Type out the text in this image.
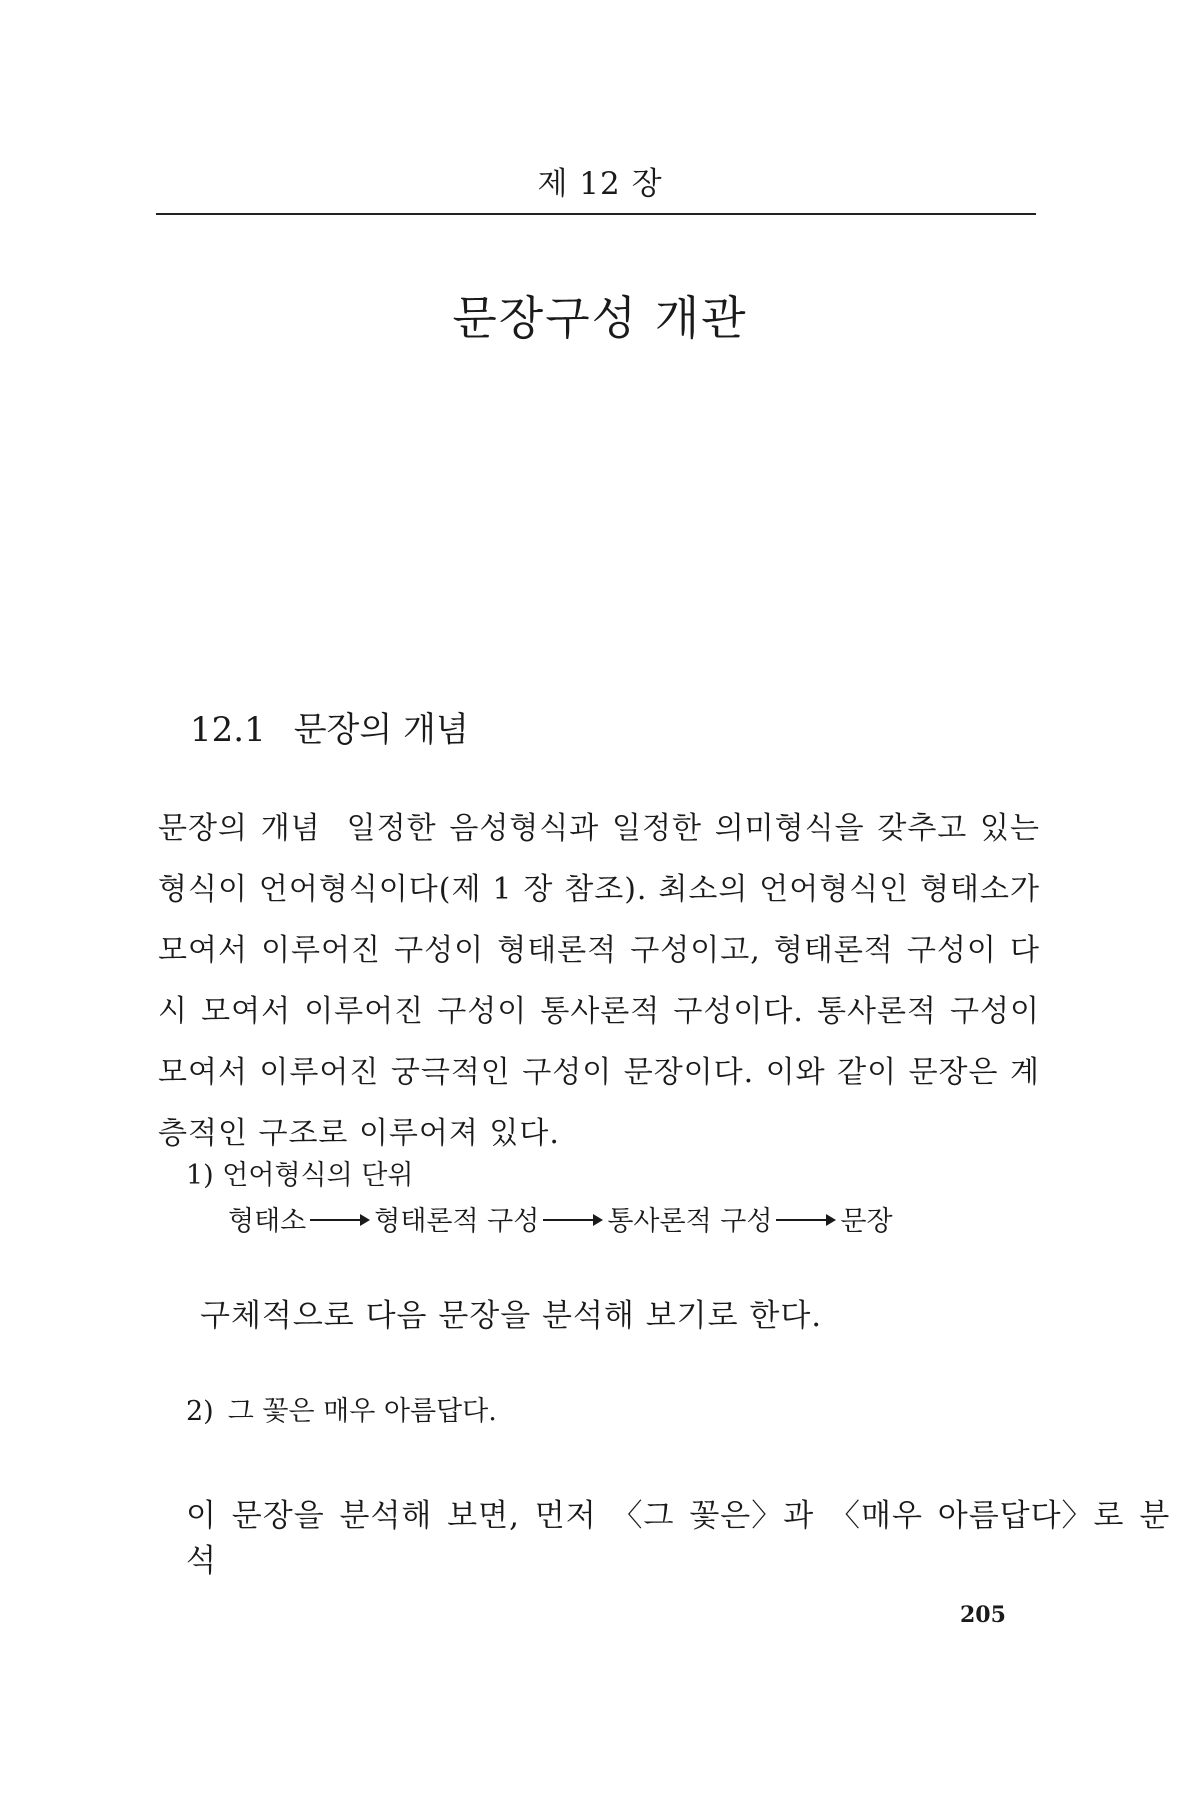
제 12 장
문장구성 개관
12.1 문장의 개념
문장의 개념 일정한 음성형식과 일정한 의미형식을 갖추고 있는 형식이 언어형식이다(제 1 장 참조). 최소의 언어형식인 형태소가 모여서 이루어진 구성이 형태론적 구성이고, 형태론적 구성이 다시 모여서 이루어진 구성이 통사론적 구성이다. 통사론적 구성이 모여서 이루어진 궁극적인 구성이 문장이다. 이와 같이 문장은 계층적인 구조로 이루어져 있다.
1) 언어형식의 단위
형태소	형태론적 구성	통사론적 구성	문장
구체적으로 다음 문장을 분석해 보기로 한다.
2) 그 꽃은 매우 아름답다.
이 문장을 분석해 보면, 먼저 〈그 꽃은〉과 〈매우 아름답다〉로 분석
205
